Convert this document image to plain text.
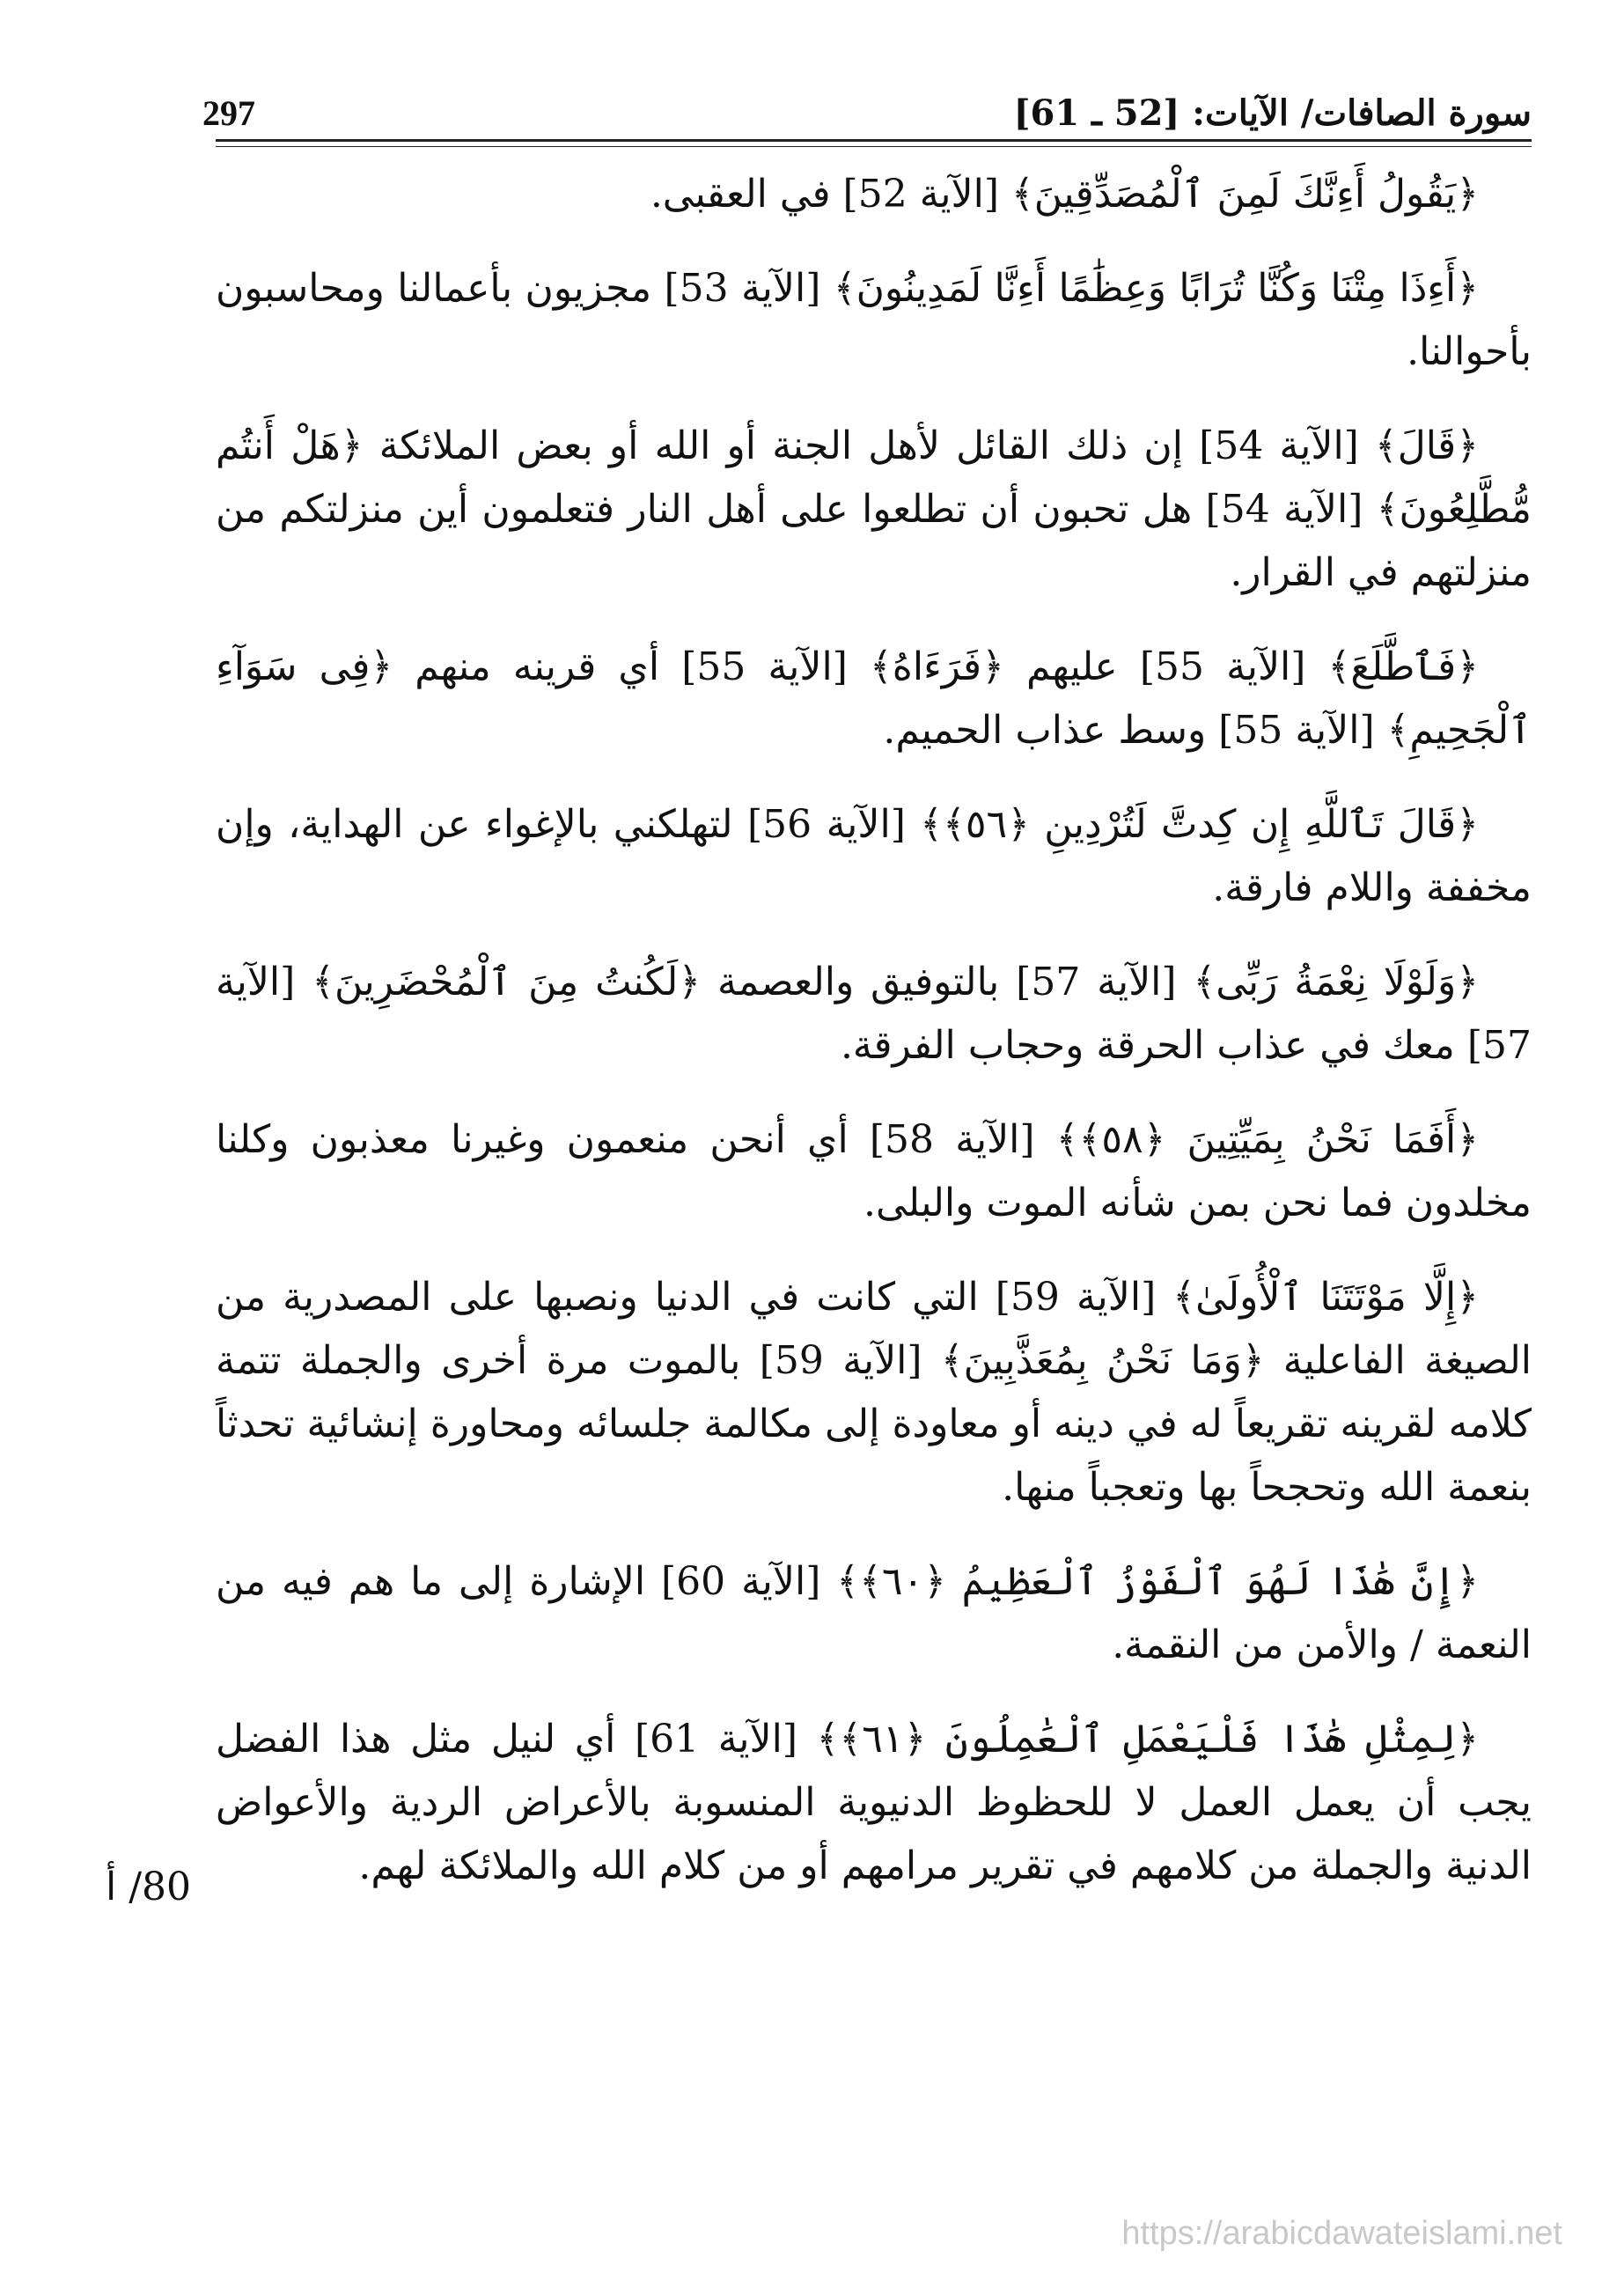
سورة الصافات/ الآيات: [52 ـ 61]
297

﴿يَقُولُ أَءِنَّكَ لَمِنَ ٱلْمُصَدِّقِينَ﴾ [الآية 52] في العقبى.

﴿أَءِذَا مِتْنَا وَكُنَّا تُرَابًا وَعِظَٰمًا أَءِنَّا لَمَدِينُونَ﴾ [الآية 53] مجزيون بأعمالنا ومحاسبون بأحوالنا.

﴿قَالَ﴾ [الآية 54] إن ذلك القائل لأهل الجنة أو الله أو بعض الملائكة ﴿هَلْ أَنتُم مُّطَّلِعُونَ﴾ [الآية 54] هل تحبون أن تطلعوا على أهل النار فتعلمون أين منزلتكم من منزلتهم في القرار.

﴿فَٱطَّلَعَ﴾ [الآية 55] عليهم ﴿فَرَءَاهُ﴾ [الآية 55] أي قرينه منهم ﴿فِى سَوَآءِ ٱلْجَحِيمِ﴾ [الآية 55] وسط عذاب الحميم.

﴿قَالَ تَٱللَّهِ إِن كِدتَّ لَتُرْدِينِ ﴿٥٦﴾﴾ [الآية 56] لتهلكني بالإغواء عن الهداية، وإن مخففة واللام فارقة.

﴿وَلَوْلَا نِعْمَةُ رَبِّى﴾ [الآية 57] بالتوفيق والعصمة ﴿لَكُنتُ مِنَ ٱلْمُحْضَرِينَ﴾ [الآية 57] معك في عذاب الحرقة وحجاب الفرقة.

﴿أَفَمَا نَحْنُ بِمَيِّتِينَ ﴿٥٨﴾﴾ [الآية 58] أي أنحن منعمون وغيرنا معذبون وكلنا مخلدون فما نحن بمن شأنه الموت والبلى.

﴿إِلَّا مَوْتَتَنَا ٱلْأُولَىٰ﴾ [الآية 59] التي كانت في الدنيا ونصبها على المصدرية من الصيغة الفاعلية ﴿وَمَا نَحْنُ بِمُعَذَّبِينَ﴾ [الآية 59] بالموت مرة أخرى والجملة تتمة كلامه لقرينه تقريعاً له في دينه أو معاودة إلى مكالمة جلسائه ومحاورة إنشائية تحدثاً بنعمة الله وتحجحاً بها وتعجباً منها.

﴿إِنَّ هَٰذَا لَهُوَ ٱلْفَوْزُ ٱلْعَظِيمُ ﴿٦٠﴾﴾ [الآية 60] الإشارة إلى ما هم فيه من النعمة / والأمن من النقمة.

﴿لِمِثْلِ هَٰذَا فَلْيَعْمَلِ ٱلْعَٰمِلُونَ ﴿٦١﴾﴾ [الآية 61] أي لنيل مثل هذا الفضل يجب أن يعمل العمل لا للحظوظ الدنيوية المنسوبة بالأعراض الردية والأعواض الدنية والجملة من كلامهم في تقرير مرامهم أو من كلام الله والملائكة لهم.

80/ أ
https://arabicdawateislami.net
